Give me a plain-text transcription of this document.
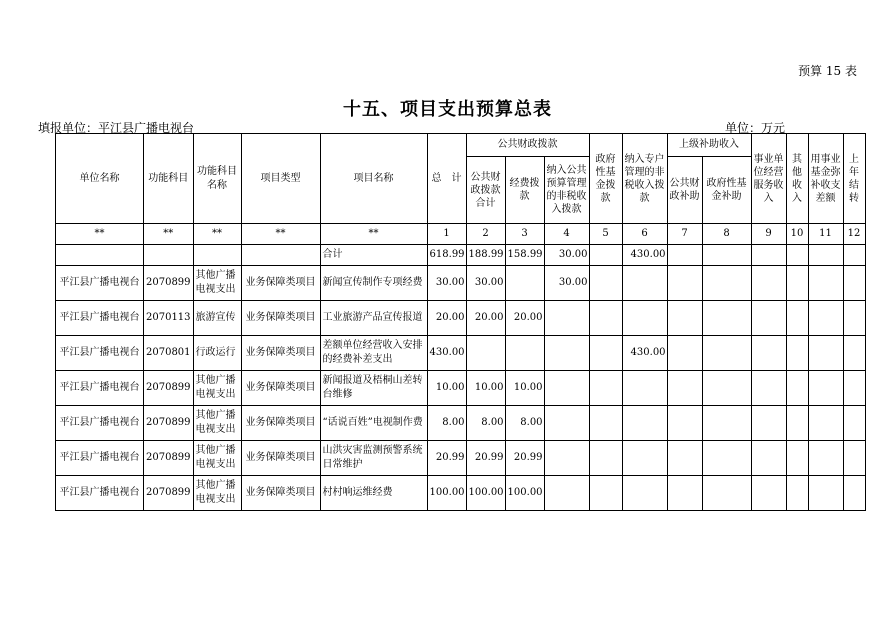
预算 15 表
十五、项目支出预算总表
填报单位：平江县广播电视台	单位：万元
单位名称	功能科目	功能科目名称	项目类型	项目名称	总　计	公共财政拨款			政府性基金拨款	纳入专户管理的非税收入拨款	上级补助收入		事业单位经营服务收入	其他收入	用事业基金弥补收支差额	上年结转
						公共财政拨款合计	经费拨款	纳入公共预算管理的非税收入拨款			公共财政补助	政府性基金补助				

**	**	**	**	**	1	2	3	4	5	6	7	8	9	10	11	12
				合计	618.99	188.99	158.99	30.00		430.00						
平江县广播电视台	2070899	其他广播电视支出	业务保障类项目	新闻宣传制作专项经费	30.00	30.00		30.00								
平江县广播电视台	2070113	旅游宣传	业务保障类项目	工业旅游产品宣传报道	20.00	20.00	20.00									
平江县广播电视台	2070801	行政运行	业务保障类项目	差额单位经营收入安排的经费补差支出	430.00					430.00						
平江县广播电视台	2070899	其他广播电视支出	业务保障类项目	新闻报道及梧桐山差转台维修	10.00	10.00	10.00									
平江县广播电视台	2070899	其他广播电视支出	业务保障类项目	“话说百姓”电视制作费	8.00	8.00	8.00									
平江县广播电视台	2070899	其他广播电视支出	业务保障类项目	山洪灾害监测预警系统日常维护	20.99	20.99	20.99									
平江县广播电视台	2070899	其他广播电视支出	业务保障类项目	村村响运维经费	100.00	100.00	100.00									
